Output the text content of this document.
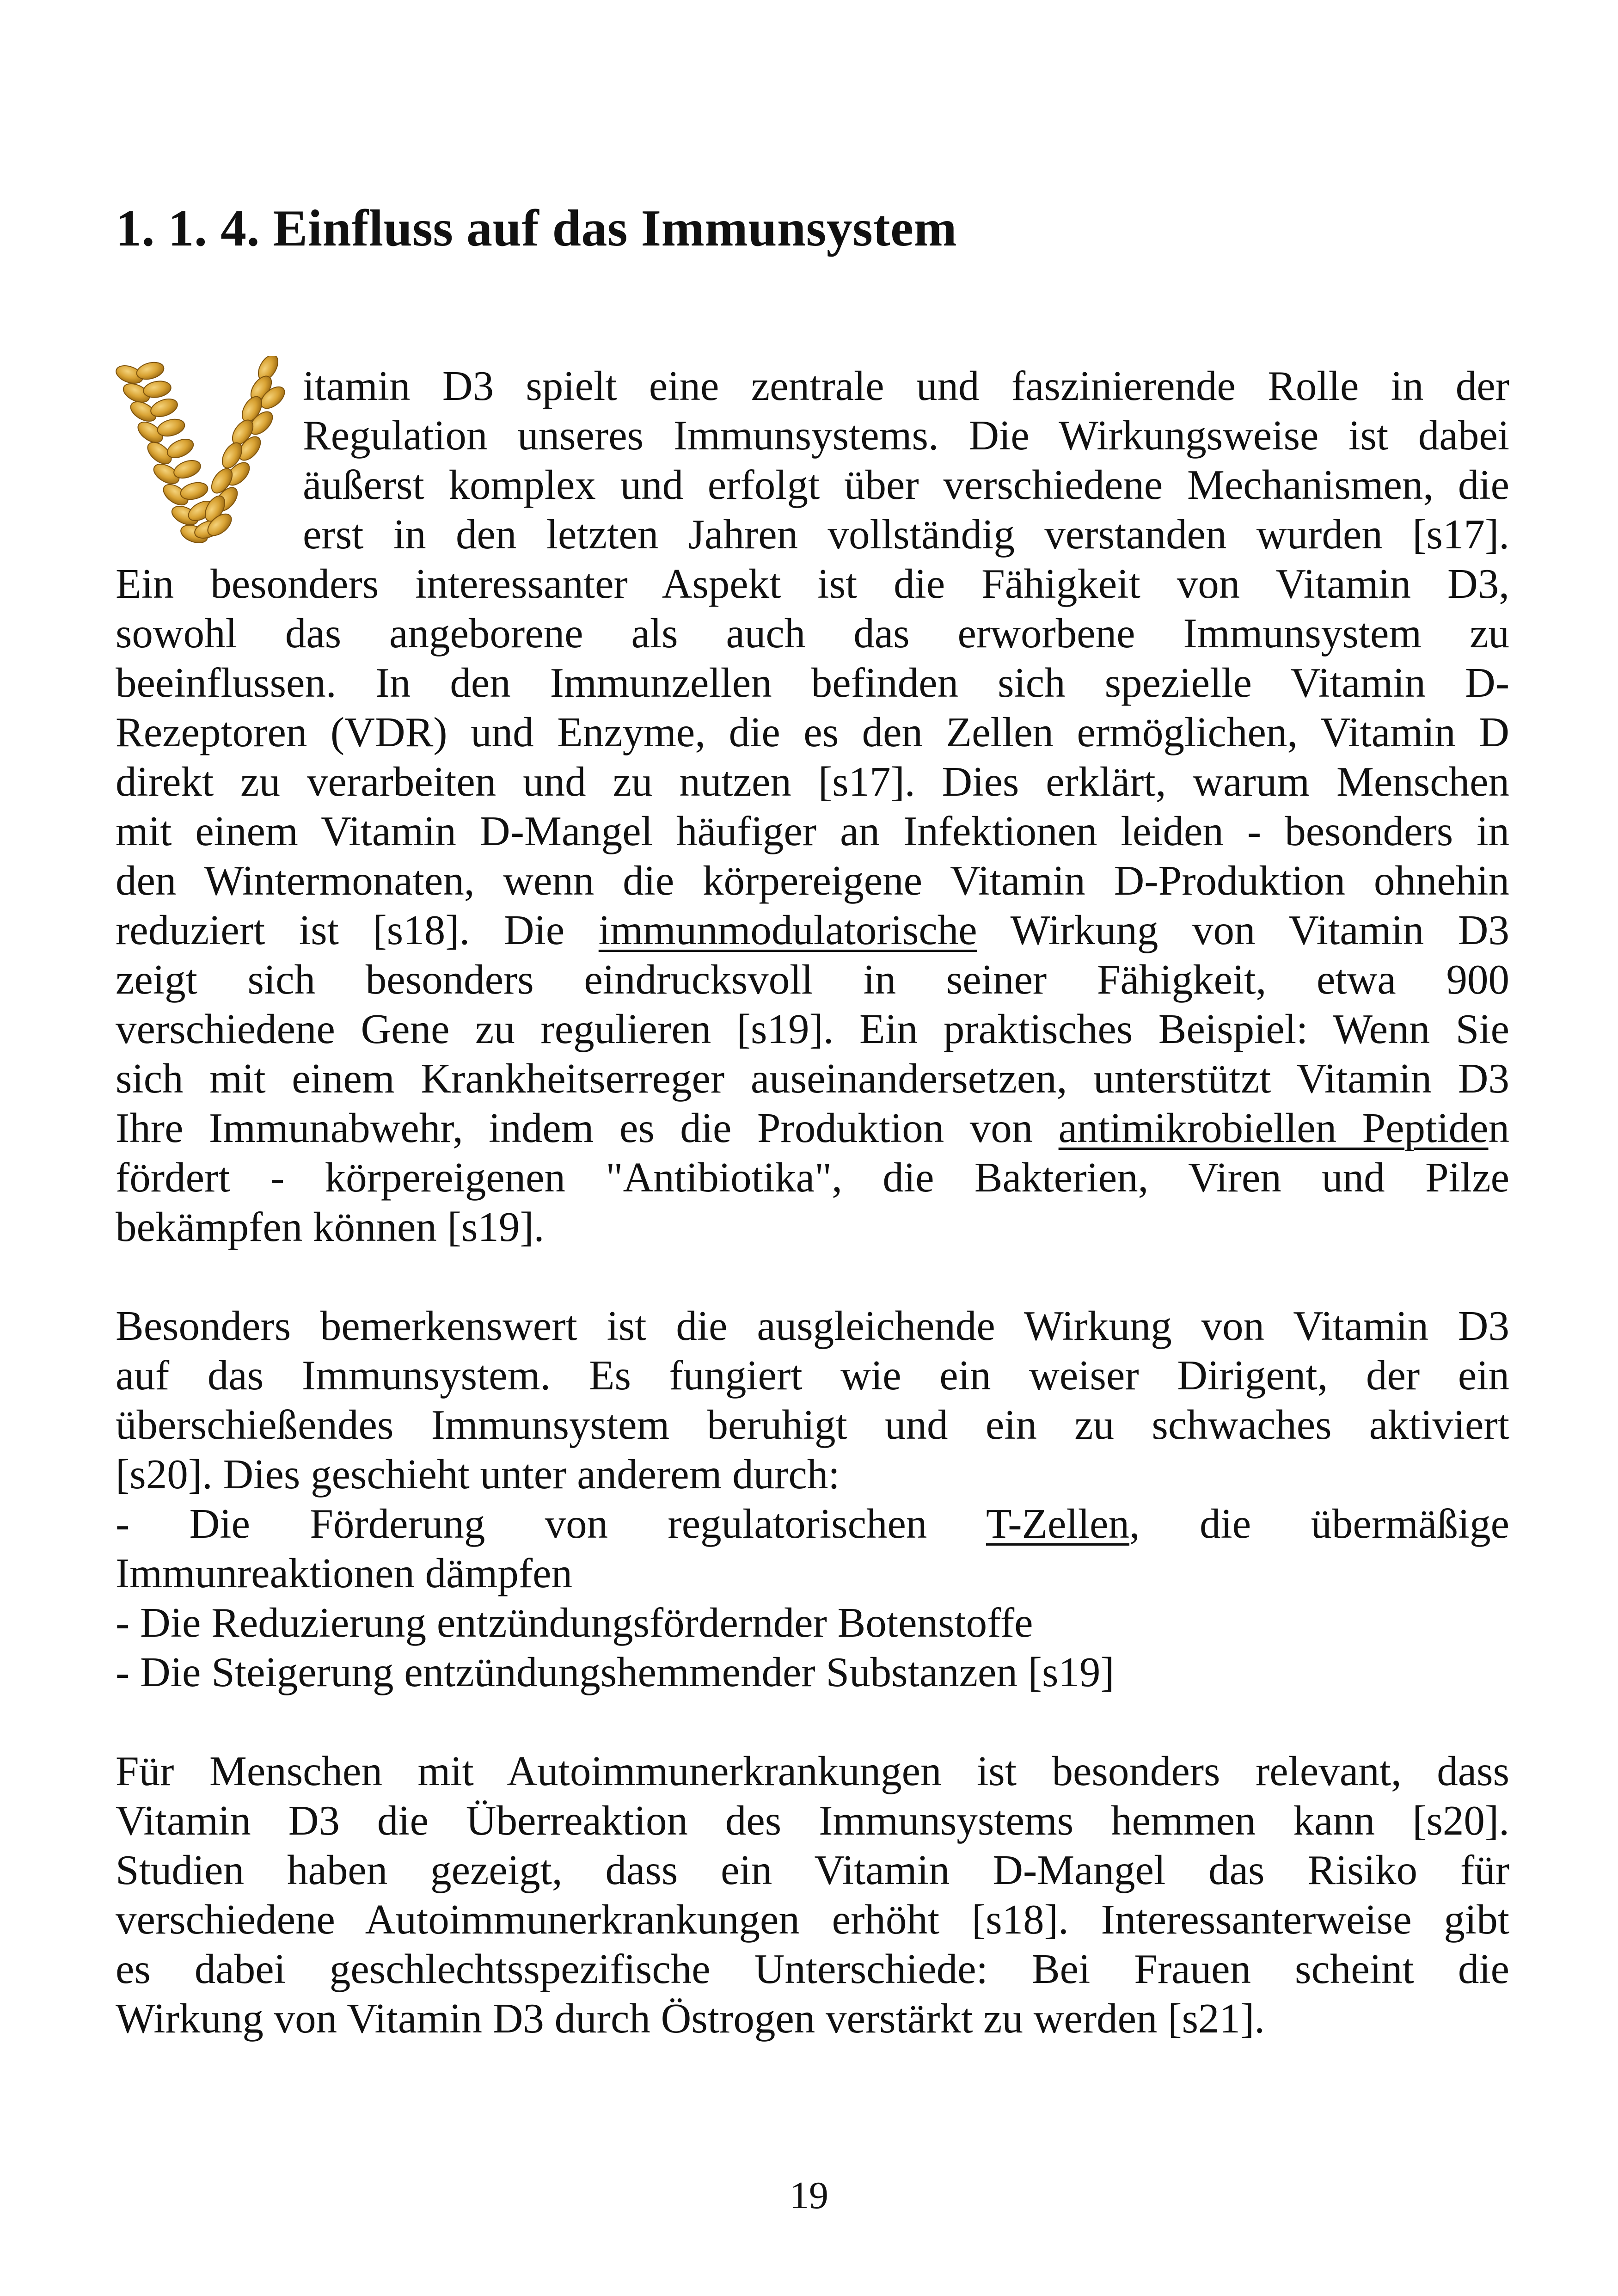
1. 1. 4. Einfluss auf das Immunsystem
itamin D3 spielt eine zentrale und faszinierende Rolle in der
Regulation unseres Immunsystems. Die Wirkungsweise ist dabei
äußerst komplex und erfolgt über verschiedene Mechanismen, die
erst in den letzten Jahren vollständig verstanden wurden [s17].
Ein besonders interessanter Aspekt ist die Fähigkeit von Vitamin D3,
sowohl das angeborene als auch das erworbene Immunsystem zu
beeinflussen. In den Immunzellen befinden sich spezielle Vitamin D-
Rezeptoren (VDR) und Enzyme, die es den Zellen ermöglichen, Vitamin D
direkt zu verarbeiten und zu nutzen [s17]. Dies erklärt, warum Menschen
mit einem Vitamin D-Mangel häufiger an Infektionen leiden - besonders in
den Wintermonaten, wenn die körpereigene Vitamin D-Produktion ohnehin
reduziert ist [s18]. Die immunmodulatorische Wirkung von Vitamin D3
zeigt sich besonders eindrucksvoll in seiner Fähigkeit, etwa 900
verschiedene Gene zu regulieren [s19]. Ein praktisches Beispiel: Wenn Sie
sich mit einem Krankheitserreger auseinandersetzen, unterstützt Vitamin D3
Ihre Immunabwehr, indem es die Produktion von antimikrobiellen Peptiden
fördert - körpereigenen "Antibiotika", die Bakterien, Viren und Pilze
bekämpfen können [s19].
Besonders bemerkenswert ist die ausgleichende Wirkung von Vitamin D3
auf das Immunsystem. Es fungiert wie ein weiser Dirigent, der ein
überschießendes Immunsystem beruhigt und ein zu schwaches aktiviert
[s20]. Dies geschieht unter anderem durch:
- Die Förderung von regulatorischen T-Zellen, die übermäßige
Immunreaktionen dämpfen
- Die Reduzierung entzündungsfördernder Botenstoffe
- Die Steigerung entzündungshemmender Substanzen [s19]
Für Menschen mit Autoimmunerkrankungen ist besonders relevant, dass
Vitamin D3 die Überreaktion des Immunsystems hemmen kann [s20].
Studien haben gezeigt, dass ein Vitamin D-Mangel das Risiko für
verschiedene Autoimmunerkrankungen erhöht [s18]. Interessanterweise gibt
es dabei geschlechtsspezifische Unterschiede: Bei Frauen scheint die
Wirkung von Vitamin D3 durch Östrogen verstärkt zu werden [s21].
19
